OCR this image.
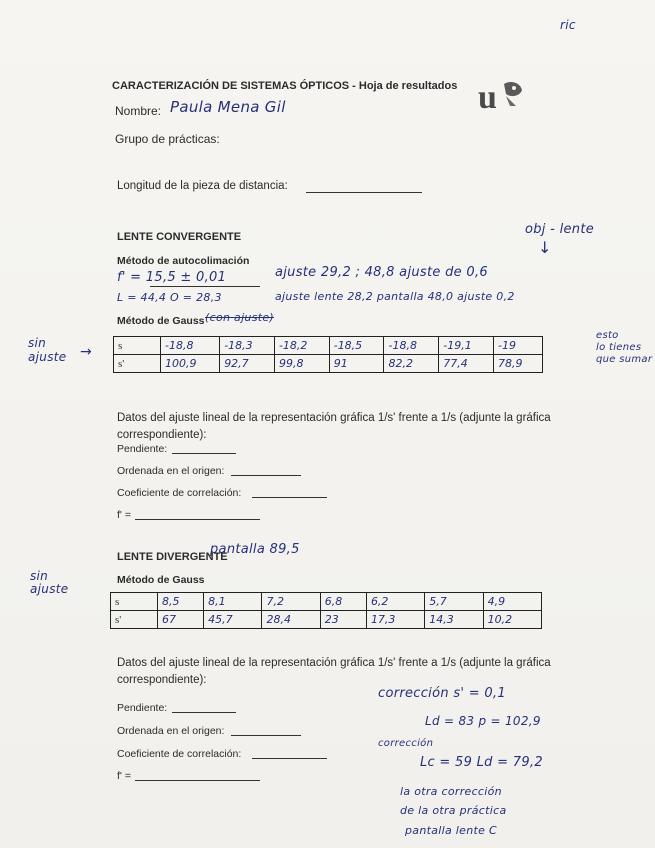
ric
u
CARACTERIZACIÓN DE SISTEMAS ÓPTICOS - Hoja de resultados
Nombre: Paula Mena Gil
Grupo de prácticas:
Longitud de la pieza de distancia:
LENTE CONVERGENTE	obj - lente
↓
Método de autocolimación
f' = 15,5 ± 0,01	ajuste 29,2 ; 48,8 ajuste de 0,6
L = 44,4 O = 28,3	ajuste lente 28,2 pantalla 48,0 ajuste 0,2
Método de Gauss (con ajuste)
sin ajuste →
esto
lo tienes
que sumar
s	-18,8	-18,3	-18,2	-18,5	-18,8	-19,1	-19
s'	100,9	92,7	99,8	91	82,2	77,4	78,9
Datos del ajuste lineal de la representación gráfica 1/s' frente a 1/s (adjunte la gráfica correspondiente):
Pendiente:
Ordenada en el origen:
Coeficiente de correlación:
f' =
LENTE DIVERGENTE
pantalla 89,5
Método de Gauss
sin ajuste
s	8,5	8,1	7,2	6,8	6,2	5,7	4,9
s'	67	45,7	28,4	23	17,3	14,3	10,2
Datos del ajuste lineal de la representación gráfica 1/s' frente a 1/s (adjunte la gráfica correspondiente):
Pendiente:
Ordenada en el origen:
Coeficiente de correlación:
f' =
corrección s' = 0,1
Ld = 83 p = 102,9
corrección
Lc = 59 Ld = 79,2
la otra corrección
de la otra práctica
pantalla lente C
